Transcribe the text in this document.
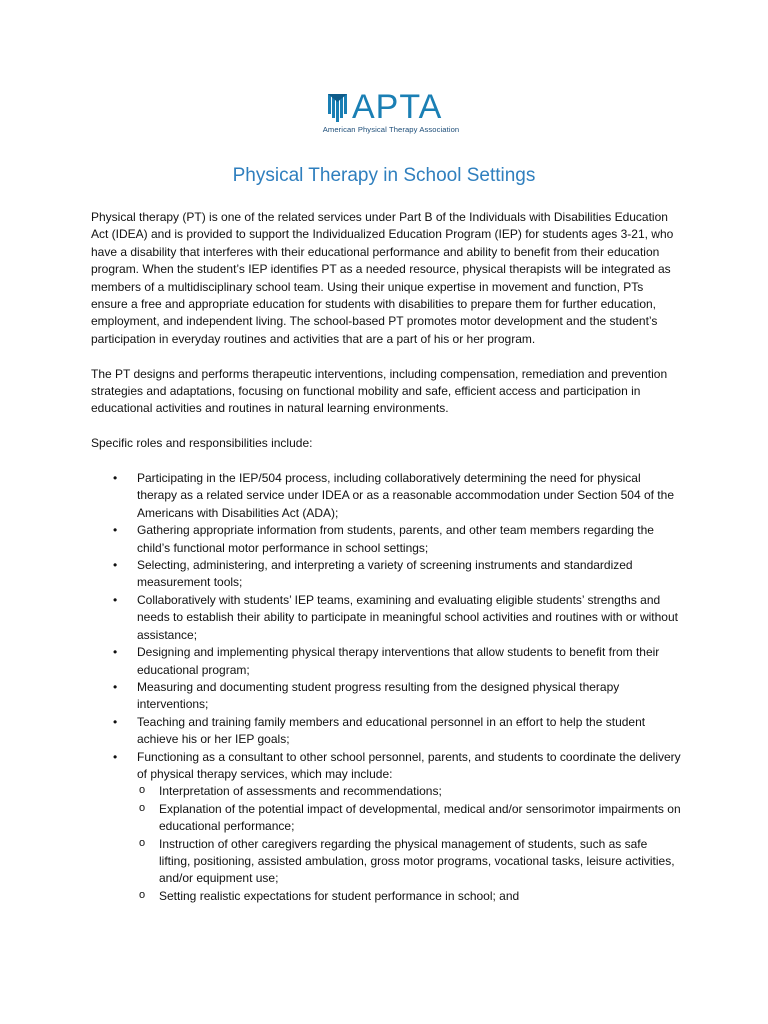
APTA
American Physical Therapy Association
Physical Therapy in School Settings

Physical therapy (PT) is one of the related services under Part B of the Individuals with Disabilities Education Act (IDEA) and is provided to support the Individualized Education Program (IEP) for students ages 3-21, who have a disability that interferes with their educational performance and ability to benefit from their education program. When the student’s IEP identifies PT as a needed resource, physical therapists will be integrated as members of a multidisciplinary school team. Using their unique expertise in movement and function, PTs ensure a free and appropriate education for students with disabilities to prepare them for further education, employment, and independent living. The school-based PT promotes motor development and the student’s participation in everyday routines and activities that are a part of his or her program.

The PT designs and performs therapeutic interventions, including compensation, remediation and prevention strategies and adaptations, focusing on functional mobility and safe, efficient access and participation in educational activities and routines in natural learning environments.

Specific roles and responsibilities include:

• Participating in the IEP/504 process, including collaboratively determining the need for physical therapy as a related service under IDEA or as a reasonable accommodation under Section 504 of the Americans with Disabilities Act (ADA);
• Gathering appropriate information from students, parents, and other team members regarding the child’s functional motor performance in school settings;
• Selecting, administering, and interpreting a variety of screening instruments and standardized measurement tools;
• Collaboratively with students’ IEP teams, examining and evaluating eligible students’ strengths and needs to establish their ability to participate in meaningful school activities and routines with or without assistance;
• Designing and implementing physical therapy interventions that allow students to benefit from their educational program;
• Measuring and documenting student progress resulting from the designed physical therapy interventions;
• Teaching and training family members and educational personnel in an effort to help the student achieve his or her IEP goals;
• Functioning as a consultant to other school personnel, parents, and students to coordinate the delivery of physical therapy services, which may include:
o Interpretation of assessments and recommendations;
o Explanation of the potential impact of developmental, medical and/or sensorimotor impairments on educational performance;
o Instruction of other caregivers regarding the physical management of students, such as safe lifting, positioning, assisted ambulation, gross motor programs, vocational tasks, leisure activities, and/or equipment use;
o Setting realistic expectations for student performance in school; and
